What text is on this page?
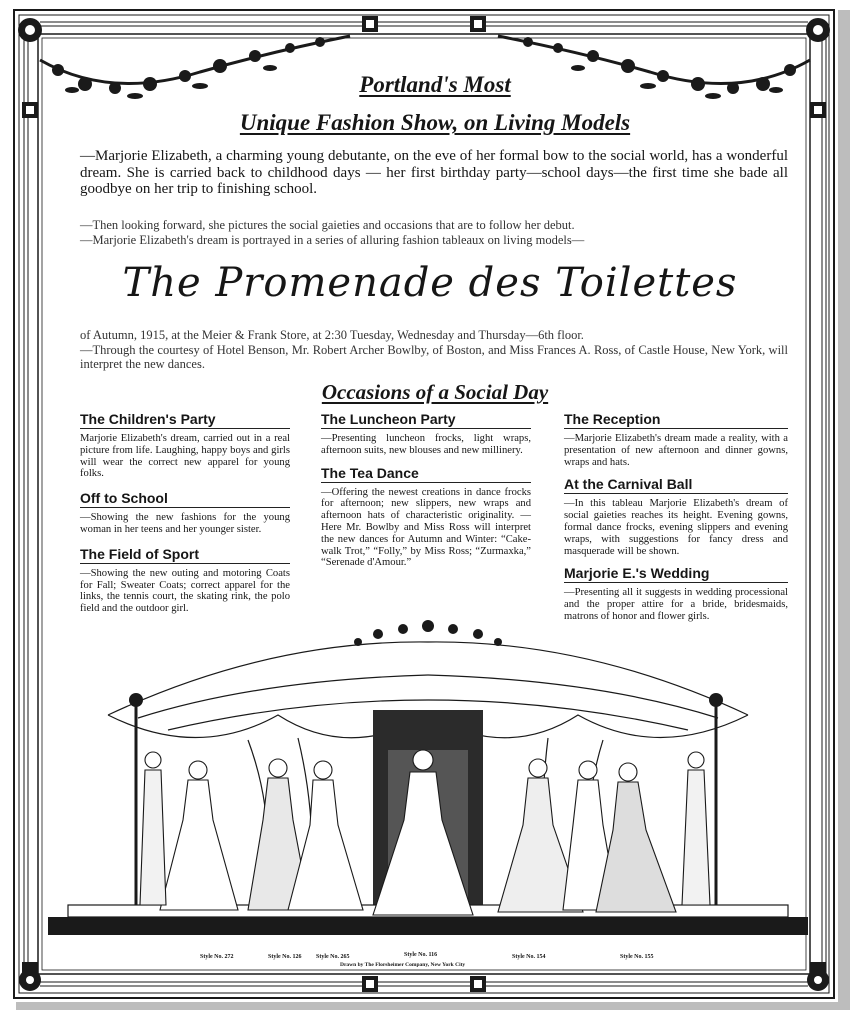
Portland's Most
Unique Fashion Show, on Living Models
—Marjorie Elizabeth, a charming young debutante, on the eve of her formal bow to the social world, has a wonderful dream. She is carried back to childhood days — her first birthday party—school days—the first time she bade all goodbye on her trip to finishing school.
—Then looking forward, she pictures the social gaieties and occasions that are to follow her debut.
—Marjorie Elizabeth's dream is portrayed in a series of alluring fashion tableaux on living models—
The Promenade des Toilettes
of Autumn, 1915, at the Meier & Frank Store, at 2:30 Tuesday, Wednesday and Thursday—6th floor.
—Through the courtesy of Hotel Benson, Mr. Robert Archer Bowlby, of Boston, and Miss Frances A. Ross, of Castle House, New York, will interpret the new dances.
Occasions of a Social Day
The Children's Party
Marjorie Elizabeth's dream, carried out in a real picture from life. Laughing, happy boys and girls will wear the correct new apparel for young folks.
Off to School
—Showing the new fashions for the young woman in her teens and her younger sister.
The Field of Sport
—Showing the new outing and motoring Coats for Fall; Sweater Coats; correct apparel for the links, the tennis court, the skating rink, the polo field and the outdoor girl.
The Luncheon Party
—Presenting luncheon frocks, light wraps, afternoon suits, new blouses and new millinery.
The Tea Dance
—Offering the newest creations in dance frocks for afternoon; new slippers, new wraps and afternoon hats of characteristic originality. —Here Mr. Bowlby and Miss Ross will interpret the new dances for Autumn and Winter: “Cake-walk Trot,” “Folly,” by Miss Ross; “Zurmaxka,” “Serenade d'Amour.”
The Reception
—Marjorie Elizabeth's dream made a reality, with a presentation of new afternoon and dinner gowns, wraps and hats.
At the Carnival Ball
—In this tableau Marjorie Elizabeth's dream of social gaieties reaches its height. Evening gowns, formal dance frocks, evening slippers and evening wraps, with suggestions for fancy dress and masquerade will be shown.
Marjorie E.'s Wedding
—Presenting all it suggests in wedding processional and the proper attire for a bride, bridesmaids, matrons of honor and flower girls.
Style No. 272	Style No. 126 Style No. 265	Style No. 116	Style No. 154	Style No. 155
Drawn by The Florsheimer Company, New York City
